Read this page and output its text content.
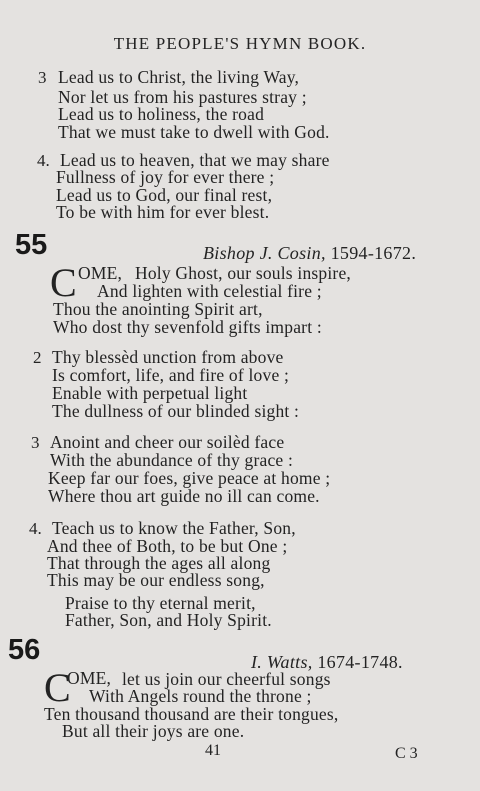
THE PEOPLE'S HYMN BOOK.
3 Lead us to Christ, the living Way,
Nor let us from his pastures stray ;
Lead us to holiness, the road
That we must take to dwell with God.
4. Lead us to heaven, that we may share
Fullness of joy for ever there ;
Lead us to God, our final rest,
To be with him for ever blest.
55	Bishop J. Cosin, 1594-1672.
C OME, Holy Ghost, our souls inspire,
And lighten with celestial fire ;
Thou the anointing Spirit art,
Who dost thy sevenfold gifts impart :
2 Thy blessèd unction from above
Is comfort, life, and fire of love ;
Enable with perpetual light
The dullness of our blinded sight :
3 Anoint and cheer our soilèd face
With the abundance of thy grace :
Keep far our foes, give peace at home ;
Where thou art guide no ill can come.
4. Teach us to know the Father, Son,
And thee of Both, to be but One ;
That through the ages all along
This may be our endless song,
Praise to thy eternal merit,
Father, Son, and Holy Spirit.
56	I. Watts, 1674-1748.
C
OME, let us join our cheerful songs
With Angels round the throne ;
Ten thousand thousand are their tongues,
But all their joys are one.
41	C 3
